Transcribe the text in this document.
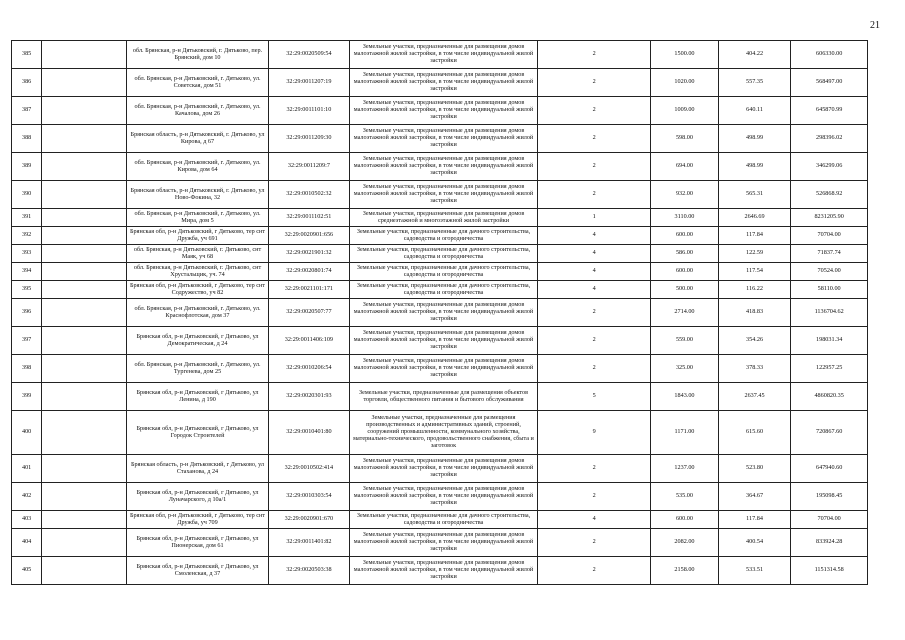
21
385		обл. Брянская, р-н Дятьковский, г. Дятьково, пер. Брянский, дом 10	32:29:0020509:54	Земельные участки, предназначенные для размещения домов малоэтажной жилой застройки, в том числе индивидуальной жилой застройки	2	1500.00	404.22	606330.00
386		обл. Брянская, р-н Дятьковский, г. Дятьково, ул. Советская, дом 51	32:29:0011207:19	Земельные участки, предназначенные для размещения домов малоэтажной жилой застройки, в том числе индивидуальной жилой застройки	2	1020.00	557.35	568497.00
387		обл. Брянская, р-н Дятьковский, г. Дятьково, ул. Качалова, дом 26	32:29:0011101:10	Земельные участки, предназначенные для размещения домов малоэтажной жилой застройки, в том числе индивидуальной жилой застройки	2	1009.00	640.11	645870.99
388		Брянская область, р-н Дятьковский, г. Дятьково, ул Кирова, д 67	32:29:0011209:30	Земельные участки, предназначенные для размещения домов малоэтажной жилой застройки, в том числе индивидуальной жилой застройки	2	598.00	498.99	298396.02
389		обл. Брянская, р-н Дятьковский, г. Дятьково, ул. Кирова, дом 64	32:29:0011209:7	Земельные участки, предназначенные для размещения домов малоэтажной жилой застройки, в том числе индивидуальной жилой застройки	2	694.00	498.99	346299.06
390		Брянская область, р-н Дятьковский, г. Дятьково, ул Ново-Фокина, 32	32:29:0010502:32	Земельные участки, предназначенные для размещения домов малоэтажной жилой застройки, в том числе индивидуальной жилой застройки	2	932.00	565.31	526868.92
391		обл. Брянская, р-н Дятьковский, г. Дятьково, ул. Мира, дом 5	32:29:0011102:51	Земельные участки, предназначенные для размещения домов среднеэтажной и многоэтажной жилой застройки	1	3110.00	2646.69	8231205.90
392		Брянская обл, р-н Дятьковский, г Дятьково, тер снт Дружба, уч 691	32:29:0020901:656	Земельные участки, предназначенные для дачного строительства, садоводства и огородничества	4	600.00	117.84	70704.00
393		обл. Брянская, р-н Дятьковский, г. Дятьково, снт Маяк, уч 68	32:29:0021901:32	Земельные участки, предназначенные для дачного строительства, садоводства и огородничества	4	586.00	122.59	71837.74
394		обл. Брянская, р-н Дятьковский, г. Дятьково, снт Хрустальщик, уч. 74	32:29:0020801:74	Земельные участки, предназначенные для дачного строительства, садоводства и огородничества	4	600.00	117.54	70524.00
395		Брянская обл, р-н Дятьковский, г Дятьково, тер снт Содружество, уч 82	32:29:0021101:171	Земельные участки, предназначенные для дачного строительства, садоводства и огородничества	4	500.00	116.22	58110.00
396		обл. Брянская, р-н Дятьковский, г. Дятьково, ул. Краснофлотская, дом 37	32:29:0020507:77	Земельные участки, предназначенные для размещения домов малоэтажной жилой застройки, в том числе индивидуальной жилой застройки	2	2714.00	418.83	1136704.62
397		Брянская обл, р-н Дятьковский, г Дятьково, ул Демократическая, д 24	32:29:0011406:109	Земельные участки, предназначенные для размещения домов малоэтажной жилой застройки, в том числе индивидуальной жилой застройки	2	559.00	354.26	198031.34
398		обл. Брянская, р-н Дятьковский, г. Дятьково, ул. Тургенева, дом 25	32:29:0010206:54	Земельные участки, предназначенные для размещения домов малоэтажной жилой застройки, в том числе индивидуальной жилой застройки	2	325.00	378.33	122957.25
399		Брянская обл, р-н Дятьковский, г Дятьково, ул Ленина, д 190	32:29:0020301:93	Земельные участки, предназначенные для размещения объектов торговли, общественного питания и бытового обслуживания	5	1843.00	2637.45	4860820.35
400		Брянская обл, р-н Дятьковский, г Дятьково, ул Городок Строителей	32:29:0010401:80	Земельные участки, предназначенные для размещения производственных и административных зданий, строений, сооружений промышленности, коммунального хозяйства, материально-технического, продовольственного снабжения, сбыта и заготовок	9	1171.00	615.60	720867.60
401		Брянская область, р-н Дятьковский, г Дятьково, ул Стаханова, д 24	32:29:0010502:414	Земельные участки, предназначенные для размещения домов малоэтажной жилой застройки, в том числе индивидуальной жилой застройки	2	1237.00	523.80	647940.60
402		Брянская обл, р-н Дятьковский, г Дятьково, ул Луначарского, д 10а/1	32:29:0010303:54	Земельные участки, предназначенные для размещения домов малоэтажной жилой застройки, в том числе индивидуальной жилой застройки	2	535.00	364.67	195098.45
403		Брянская обл, р-н Дятьковский, г Дятьково, тер снт Дружба, уч 709	32:29:0020901:670	Земельные участки, предназначенные для дачного строительства, садоводства и огородничества	4	600.00	117.84	70704.00
404		Брянская обл, р-н Дятьковский, г Дятьково, ул Пионерская, дом 61	32:29:0011401:82	Земельные участки, предназначенные для размещения домов малоэтажной жилой застройки, в том числе индивидуальной жилой застройки	2	2082.00	400.54	833924.28
405		Брянская обл, р-н Дятьковский, г Дятьково, ул Смоленская, д 37	32:29:0020503:38	Земельные участки, предназначенные для размещения домов малоэтажной жилой застройки, в том числе индивидуальной жилой застройки	2	2158.00	533.51	1151314.58
